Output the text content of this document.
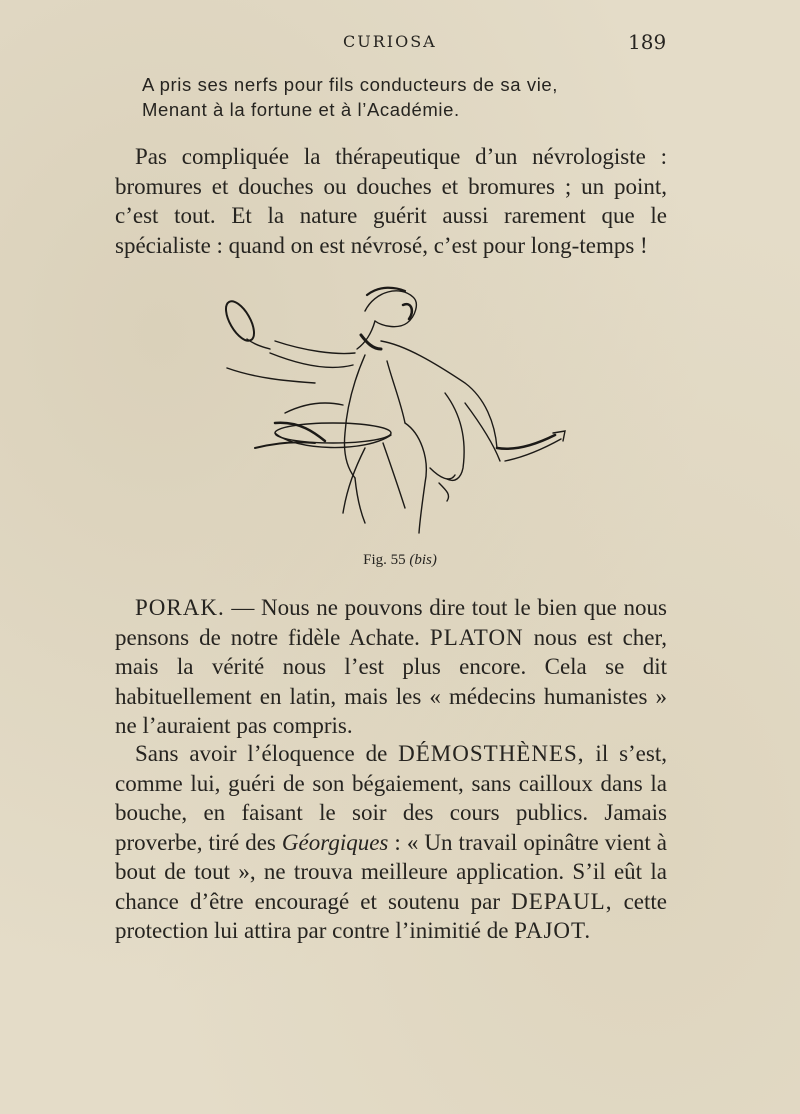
CURIOSA	189
A pris ses nerfs pour fils conducteurs de sa vie,
Menant à la fortune et à l’Académie.

Pas compliquée la thérapeutique d’un névrologiste : bromures et douches ou douches et bromures ; un point, c’est tout. Et la nature guérit aussi rarement que le spécialiste : quand on est névrosé, c’est pour long-temps !

Fig. 55 (bis)

PORAK. — Nous ne pouvons dire tout le bien que nous pensons de notre fidèle Achate. PLATON nous est cher, mais la vérité nous l’est plus encore. Cela se dit habituellement en latin, mais les « médecins humanistes » ne l’auraient pas compris.

Sans avoir l’éloquence de DÉMOSTHÈNES, il s’est, comme lui, guéri de son bégaiement, sans cailloux dans la bouche, en faisant le soir des cours publics. Jamais proverbe, tiré des Géorgiques : « Un travail opinâtre vient à bout de tout », ne trouva meilleure application. S’il eût la chance d’être encouragé et soutenu par DEPAUL, cette protection lui attira par contre l’inimitié de PAJOT.
